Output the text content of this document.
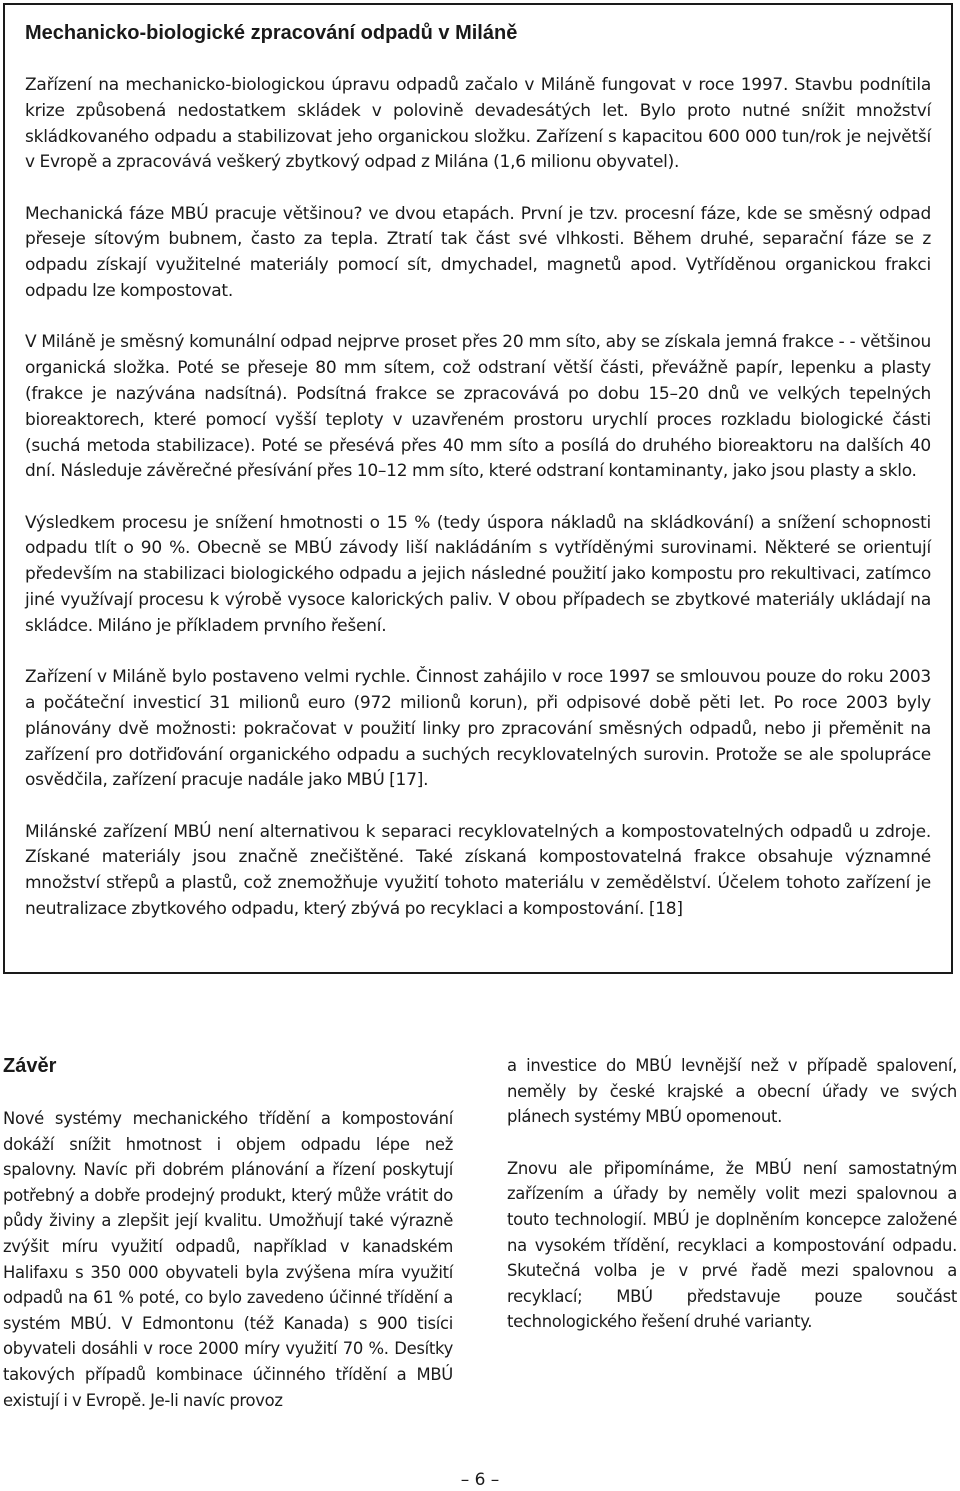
Mechanicko-biologické zpracování odpadů v Miláně

Zařízení na mechanicko-biologickou úpravu odpadů začalo v Miláně fungovat v roce 1997. Stavbu podnítila krize způsobená nedostatkem skládek v polovině devadesátých let. Bylo proto nutné snížit množství skládkovaného odpadu a stabilizovat jeho organickou složku. Zařízení s kapacitou 600 000 tun/rok je největší v Evropě a zpracovává veškerý zbytkový odpad z Milána (1,6 milionu obyvatel).

Mechanická fáze MBÚ pracuje většinou? ve dvou etapách. První je tzv. procesní fáze, kde se směsný odpad přeseje sítovým bubnem, často za tepla. Ztratí tak část své vlhkosti. Během druhé, separační fáze se z odpadu získají využitelné materiály pomocí sít, dmychadel, magnetů apod. Vytříděnou organickou frakci odpadu lze kompostovat.

V Miláně je směsný komunální odpad nejprve proset přes 20 mm síto, aby se získala jemná frakce - - většinou organická složka. Poté se přeseje 80 mm sítem, což odstraní větší části, převážně papír, lepenku a plasty (frakce je nazývána nadsítná). Podsítná frakce se zpracovává po dobu 15–20 dnů ve velkých tepelných bioreaktorech, které pomocí vyšší teploty v uzavřeném prostoru urychlí proces rozkladu biologické části (suchá metoda stabilizace). Poté se přesévá přes 40 mm síto a posílá do druhého bioreaktoru na dalších 40 dní. Následuje závěrečné přesívání přes 10–12 mm síto, které odstraní kontaminanty, jako jsou plasty a sklo.

Výsledkem procesu je snížení hmotnosti o 15 % (tedy úspora nákladů na skládkování) a snížení schopnosti odpadu tlít o 90 %. Obecně se MBÚ závody liší nakládáním s vytříděnými surovinami. Některé se orientují především na stabilizaci biologického odpadu a jejich následné použití jako kompostu pro rekultivaci, zatímco jiné využívají procesu k výrobě vysoce kalorických paliv. V obou případech se zbytkové materiály ukládají na skládce. Miláno je příkladem prvního řešení.

Zařízení v Miláně bylo postaveno velmi rychle. Činnost zahájilo v roce 1997 se smlouvou pouze do roku 2003 a počáteční investicí 31 milionů euro (972 milionů korun), při odpisové době pěti let. Po roce 2003 byly plánovány dvě možnosti: pokračovat v použití linky pro zpracování směsných odpadů, nebo ji přeměnit na zařízení pro dotřiďování organického odpadu a suchých recyklovatelných surovin. Protože se ale spolupráce osvědčila, zařízení pracuje nadále jako MBÚ [17].

Milánské zařízení MBÚ není alternativou k separaci recyklovatelných a kompostovatelných odpadů u zdroje. Získané materiály jsou značně znečištěné. Také získaná kompostovatelná frakce obsahuje významné množství střepů a plastů, což znemožňuje využití tohoto materiálu v zemědělství. Účelem tohoto zařízení je neutralizace zbytkového odpadu, který zbývá po recyklaci a kompostování. [18]

Závěr

Nové systémy mechanického třídění a kompostování dokáží snížit hmotnost i objem odpadu lépe než spalovny. Navíc při dobrém plánování a řízení poskytují potřebný a dobře prodejný produkt, který může vrátit do půdy živiny a zlepšit její kvalitu. Umožňují také výrazně zvýšit míru využití odpadů, například v kanadském Halifaxu s 350 000 obyvateli byla zvýšena míra využití odpadů na 61 % poté, co bylo zavedeno účinné třídění a systém MBÚ. V Edmontonu (též Kanada) s 900 tisíci obyvateli dosáhli v roce 2000 míry využití 70 %. Desítky takových případů kombinace účinného třídění a MBÚ existují i v Evropě. Je-li navíc provoz

a investice do MBÚ levnější než v případě spalovení, neměly by české krajské a obecní úřady ve svých plánech systémy MBÚ opomenout.

Znovu ale připomínáme, že MBÚ není samostatným zařízením a úřady by neměly volit mezi spalovnou a touto technologií. MBÚ je doplněním koncepce založené na vysokém třídění, recyklaci a kompostování odpadu. Skutečná volba je v prvé řadě mezi spalovnou a recyklací; MBÚ představuje pouze součást technologického řešení druhé varianty.

– 6 –
